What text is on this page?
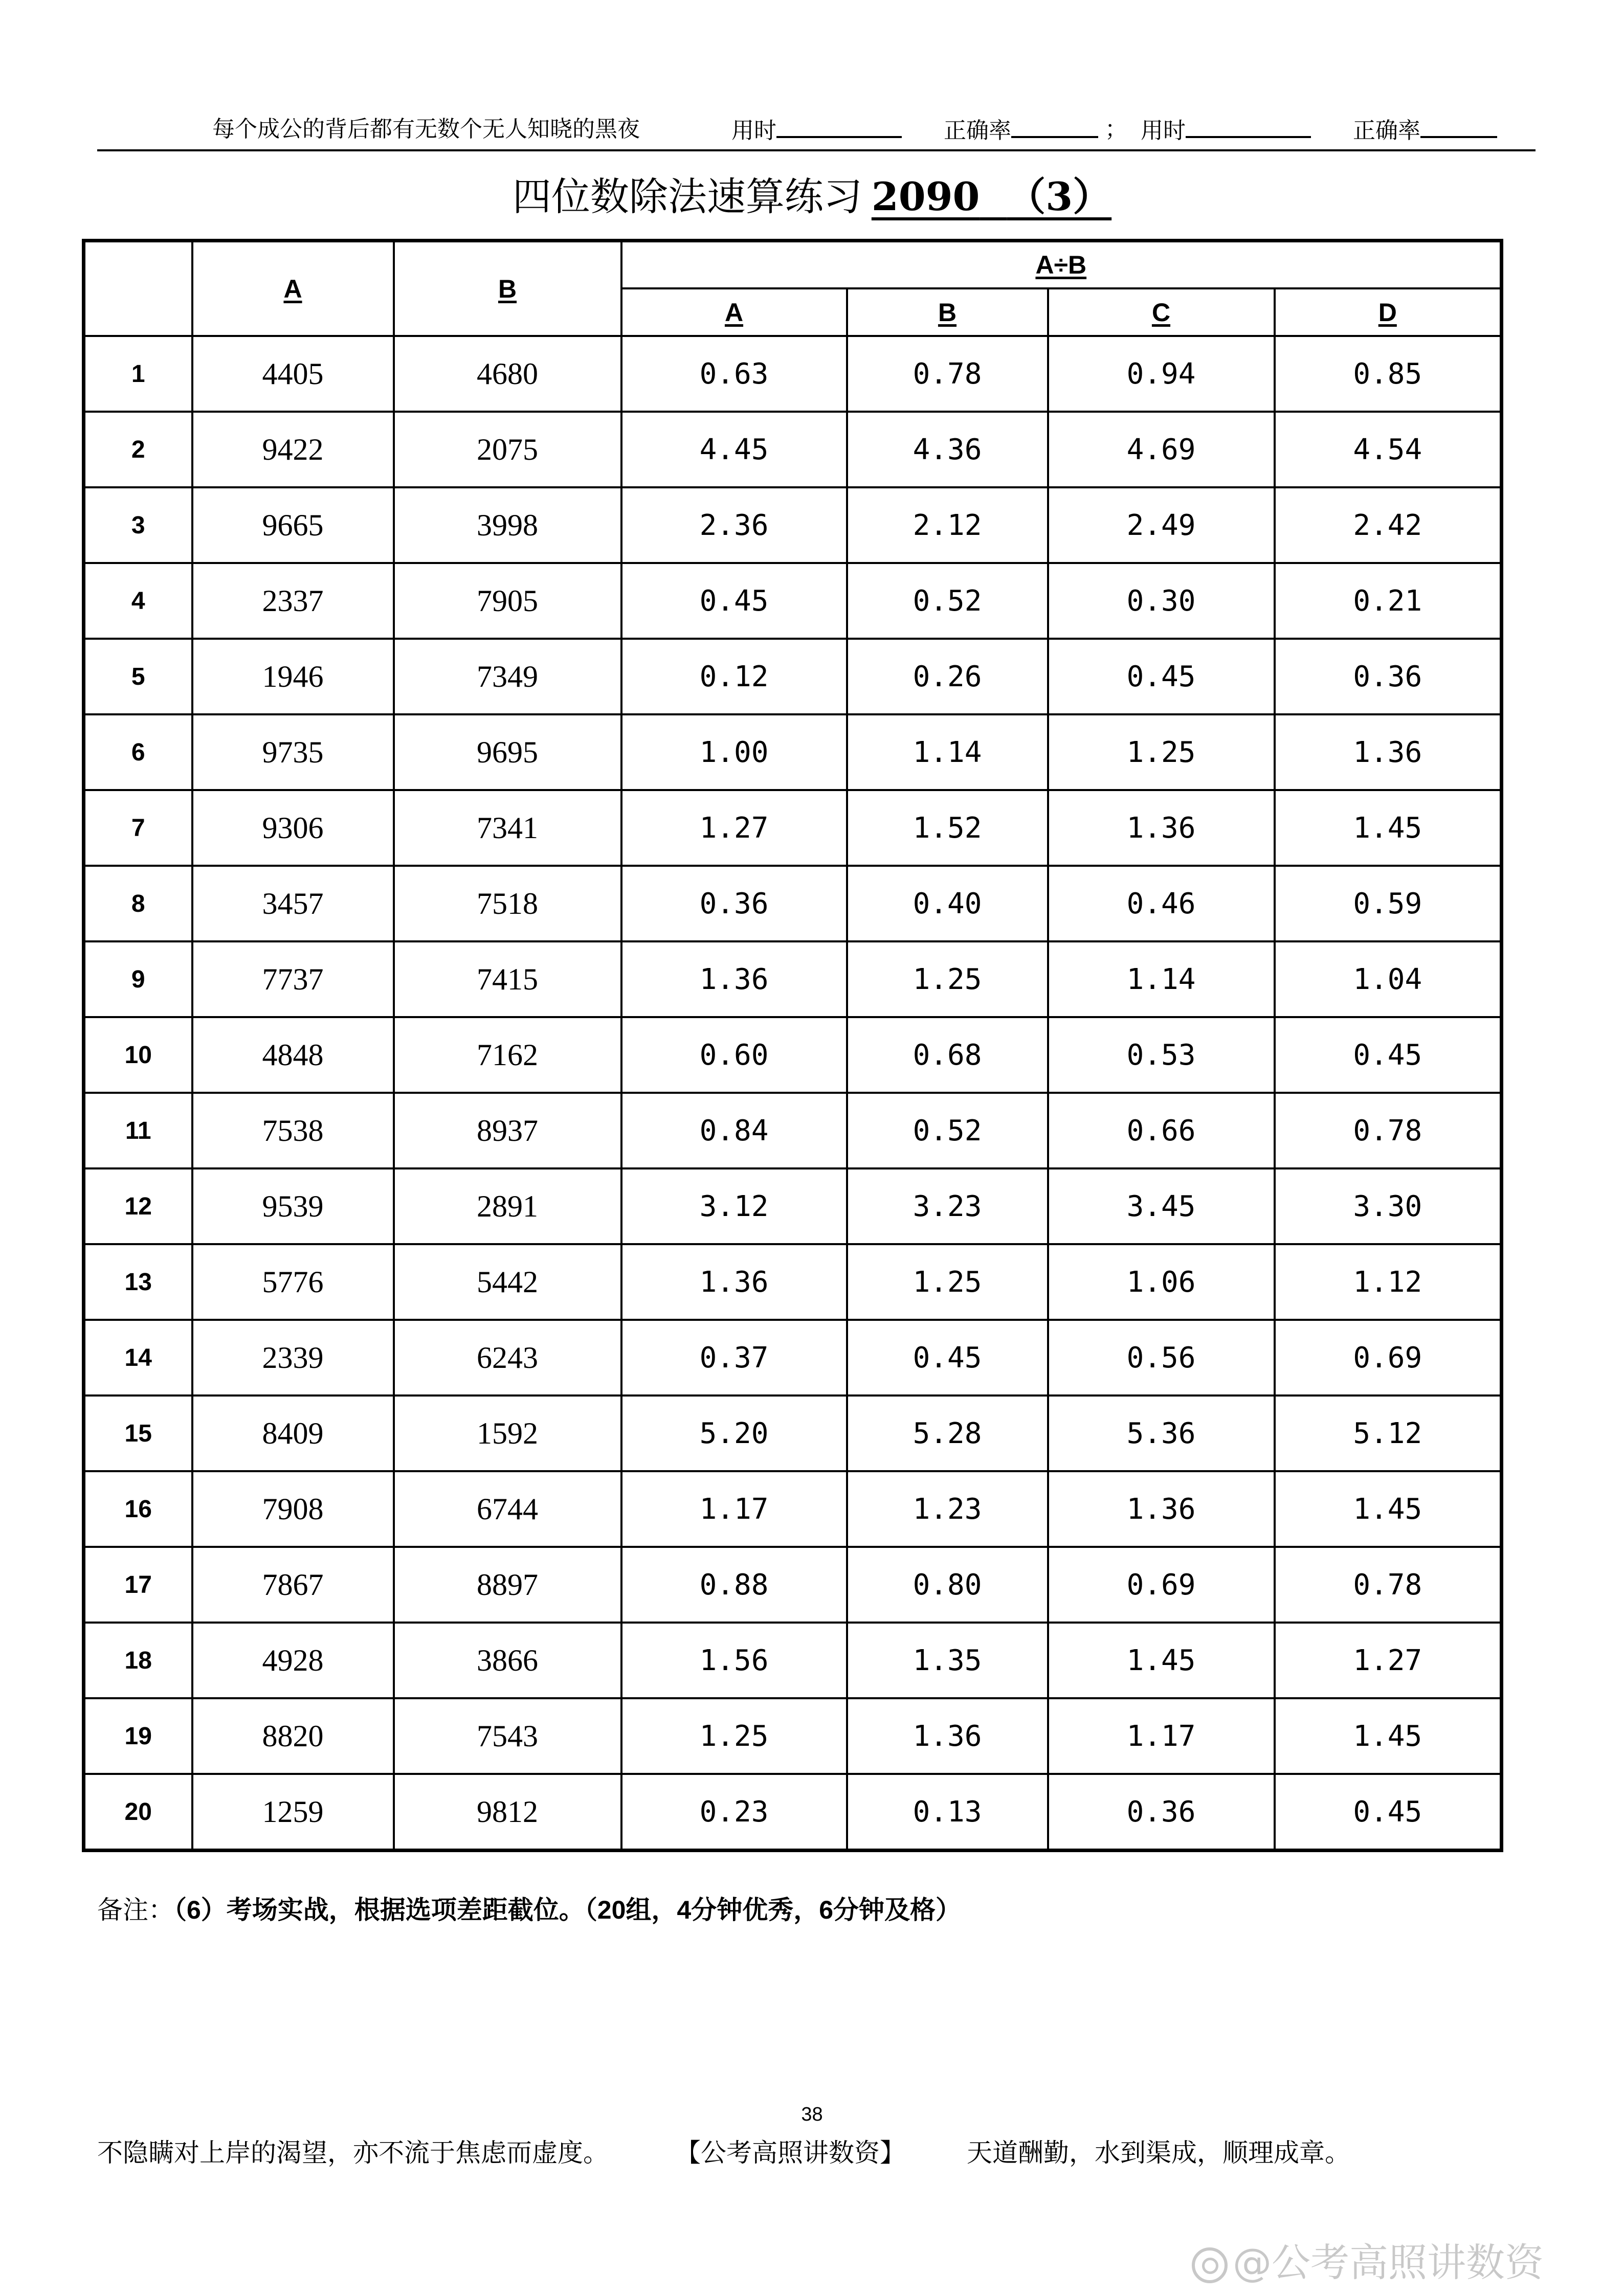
每个成公的背后都有无数个无人知晓的黑夜	用时	正确率	； 用时	正确率
四位数除法速算练习 2090 （3）
	A	B	A÷B			
			A	B	C	D
1	4405	4680	0.63	0.78	0.94	0.85
2	9422	2075	4.45	4.36	4.69	4.54
3	9665	3998	2.36	2.12	2.49	2.42
4	2337	7905	0.45	0.52	0.30	0.21
5	1946	7349	0.12	0.26	0.45	0.36
6	9735	9695	1.00	1.14	1.25	1.36
7	9306	7341	1.27	1.52	1.36	1.45
8	3457	7518	0.36	0.40	0.46	0.59
9	7737	7415	1.36	1.25	1.14	1.04
10	4848	7162	0.60	0.68	0.53	0.45
11	7538	8937	0.84	0.52	0.66	0.78
12	9539	2891	3.12	3.23	3.45	3.30
13	5776	5442	1.36	1.25	1.06	1.12
14	2339	6243	0.37	0.45	0.56	0.69
15	8409	1592	5.20	5.28	5.36	5.12
16	7908	6744	1.17	1.23	1.36	1.45
17	7867	8897	0.88	0.80	0.69	0.78
18	4928	3866	1.56	1.35	1.45	1.27
19	8820	7543	1.25	1.36	1.17	1.45
20	1259	9812	0.23	0.13	0.36	0.45
备注：（6）考场实战，根据选项差距截位。（20组，4分钟优秀，6分钟及格）
38
不隐瞒对上岸的渴望，亦不流于焦虑而虚度。	【公考高照讲数资】 天道酬勤，水到渠成，顺理成章。
@公考高照讲数资
